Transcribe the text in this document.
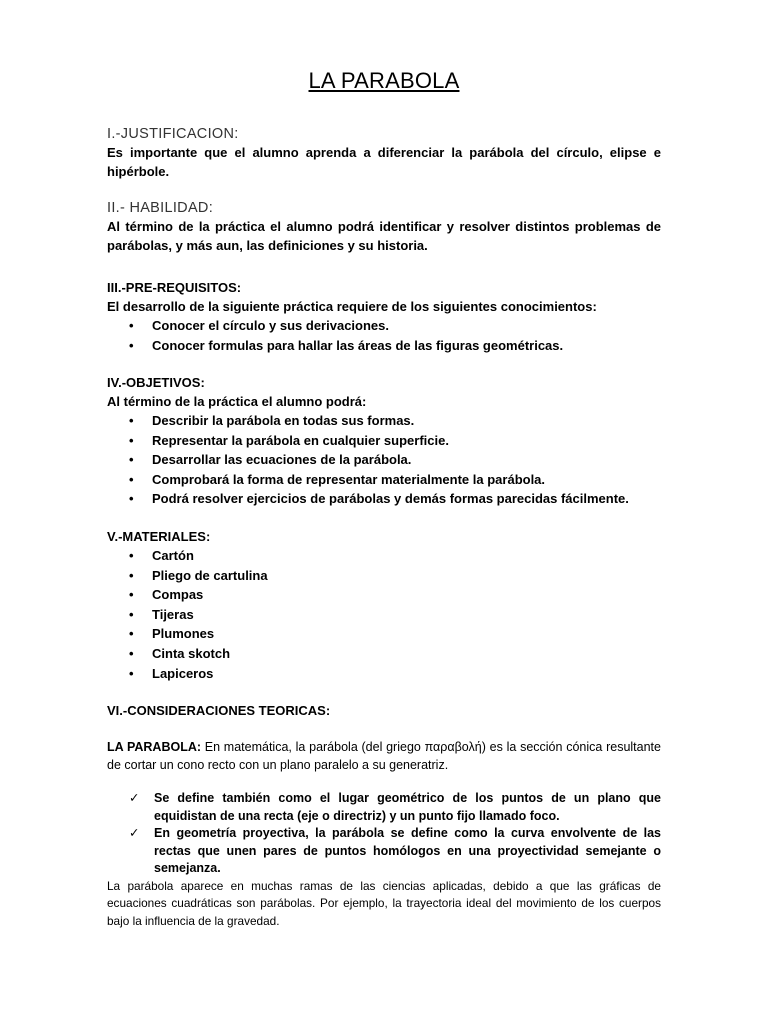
LA PARABOLA

I.-JUSTIFICACION:

Es importante que el alumno aprenda a diferenciar la parábola del círculo, elipse e hipérbole.

II.- HABILIDAD:

Al término de la práctica el alumno podrá identificar y resolver distintos problemas de parábolas, y más aun, las definiciones y su historia.

III.-PRE-REQUISITOS:

El desarrollo de la siguiente práctica requiere de los siguientes conocimientos:

• Conocer el círculo y sus derivaciones.
• Conocer formulas para hallar las áreas de las figuras geométricas.

IV.-OBJETIVOS:

Al término de la práctica el alumno podrá:

• Describir la parábola en todas sus formas.
• Representar la parábola en cualquier superficie.
• Desarrollar las ecuaciones de la parábola.
• Comprobará la forma de representar materialmente la parábola.
• Podrá resolver ejercicios de parábolas y demás formas parecidas fácilmente.

V.-MATERIALES:

• Cartón
• Pliego de cartulina
• Compas
• Tijeras
• Plumones
• Cinta skotch
• Lapiceros

VI.-CONSIDERACIONES TEORICAS:

LA PARABOLA: En matemática, la parábola (del griego παραβολή) es la sección cónica resultante de cortar un cono recto con un plano paralelo a su generatriz.

✓ Se define también como el lugar geométrico de los puntos de un plano que equidistan de una recta (eje o directriz) y un punto fijo llamado foco.
✓ En geometría proyectiva, la parábola se define como la curva envolvente de las rectas que unen pares de puntos homólogos en una proyectividad semejante o semejanza.

La parábola aparece en muchas ramas de las ciencias aplicadas, debido a que las gráficas de ecuaciones cuadráticas son parábolas. Por ejemplo, la trayectoria ideal del movimiento de los cuerpos bajo la influencia de la gravedad.
